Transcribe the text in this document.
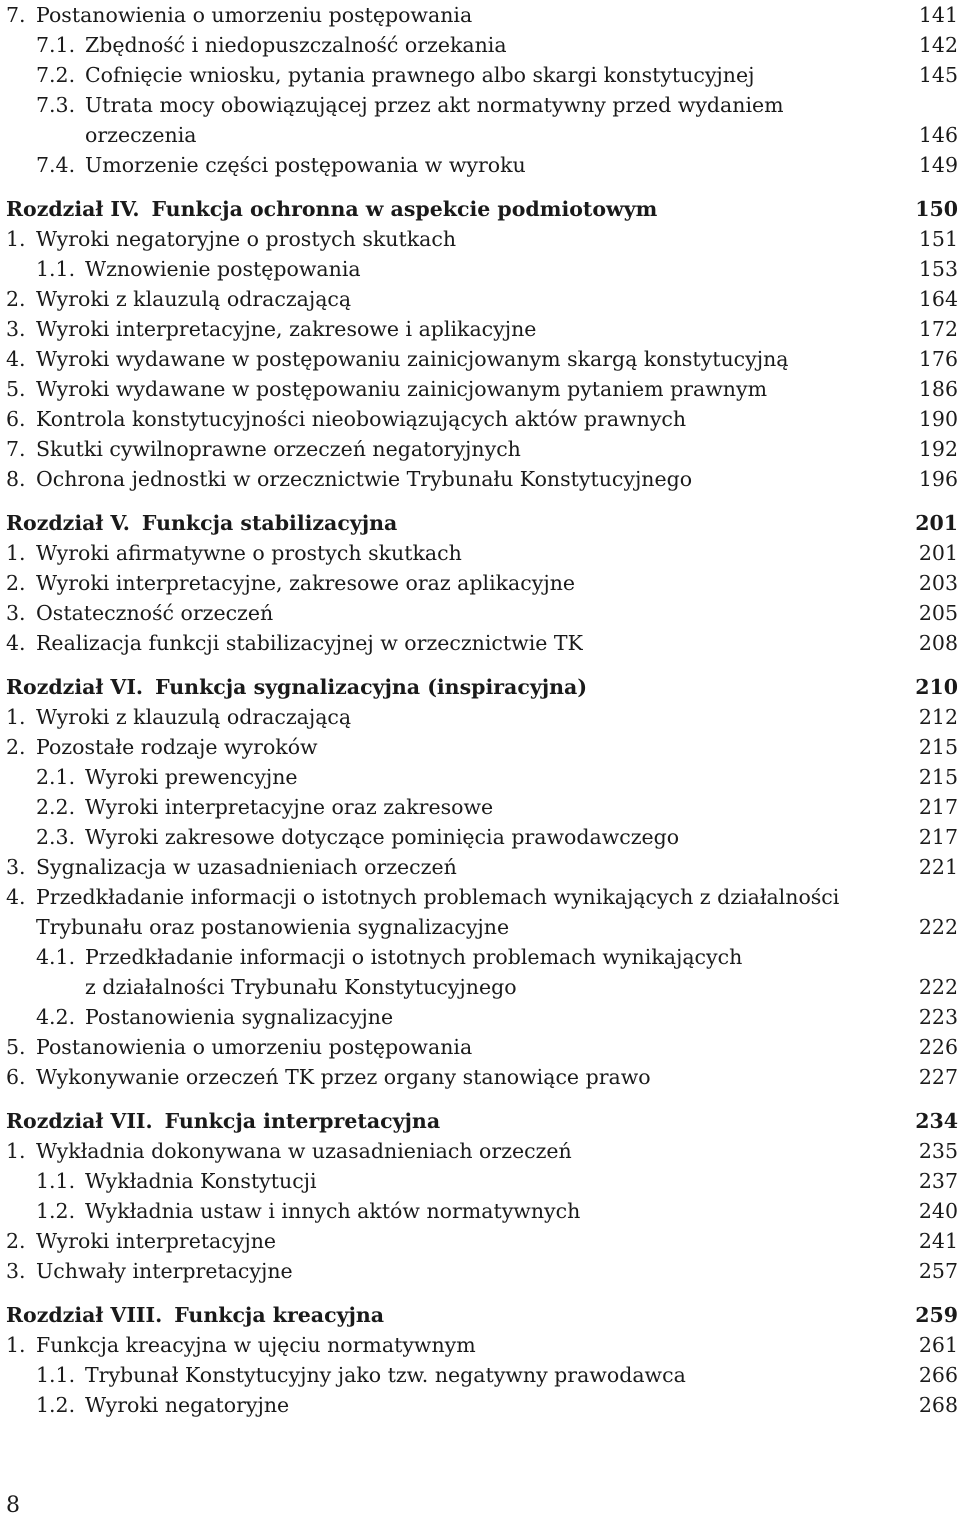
7. Postanowienia o umorzeniu postępowania	141
7.1. Zbędność i niedopuszczalność orzekania	142
7.2. Cofnięcie wniosku, pytania prawnego albo skargi konstytucyjnej	145
7.3. Utrata mocy obowiązującej przez akt normatywny przed wydaniem
orzeczenia	146
7.4. Umorzenie części postępowania w wyroku	149
Rozdział IV. Funkcja ochronna w aspekcie podmiotowym	150
1. Wyroki negatoryjne o prostych skutkach	151
1.1. Wznowienie postępowania	153
2. Wyroki z klauzulą odraczającą	164
3. Wyroki interpretacyjne, zakresowe i aplikacyjne	172
4. Wyroki wydawane w postępowaniu zainicjowanym skargą konstytucyjną	176
5. Wyroki wydawane w postępowaniu zainicjowanym pytaniem prawnym	186
6. Kontrola konstytucyjności nieobowiązujących aktów prawnych	190
7. Skutki cywilnoprawne orzeczeń negatoryjnych	192
8. Ochrona jednostki w orzecznictwie Trybunału Konstytucyjnego	196
Rozdział V. Funkcja stabilizacyjna	201
1. Wyroki afirmatywne o prostych skutkach	201
2. Wyroki interpretacyjne, zakresowe oraz aplikacyjne	203
3. Ostateczność orzeczeń	205
4. Realizacja funkcji stabilizacyjnej w orzecznictwie TK	208
Rozdział VI. Funkcja sygnalizacyjna (inspiracyjna)	210
1. Wyroki z klauzulą odraczającą	212
2. Pozostałe rodzaje wyroków	215
2.1. Wyroki prewencyjne	215
2.2. Wyroki interpretacyjne oraz zakresowe	217
2.3. Wyroki zakresowe dotyczące pominięcia prawodawczego	217
3. Sygnalizacja w uzasadnieniach orzeczeń	221
4. Przedkładanie informacji o istotnych problemach wynikających z działalności
Trybunału oraz postanowienia sygnalizacyjne	222
4.1. Przedkładanie informacji o istotnych problemach wynikających
z działalności Trybunału Konstytucyjnego	222
4.2. Postanowienia sygnalizacyjne	223
5. Postanowienia o umorzeniu postępowania	226
6. Wykonywanie orzeczeń TK przez organy stanowiące prawo	227
Rozdział VII. Funkcja interpretacyjna	234
1. Wykładnia dokonywana w uzasadnieniach orzeczeń	235
1.1. Wykładnia Konstytucji	237
1.2. Wykładnia ustaw i innych aktów normatywnych	240
2. Wyroki interpretacyjne	241
3. Uchwały interpretacyjne	257
Rozdział VIII. Funkcja kreacyjna	259
1. Funkcja kreacyjna w ujęciu normatywnym	261
1.1. Trybunał Konstytucyjny jako tzw. negatywny prawodawca	266
1.2. Wyroki negatoryjne	268
8
